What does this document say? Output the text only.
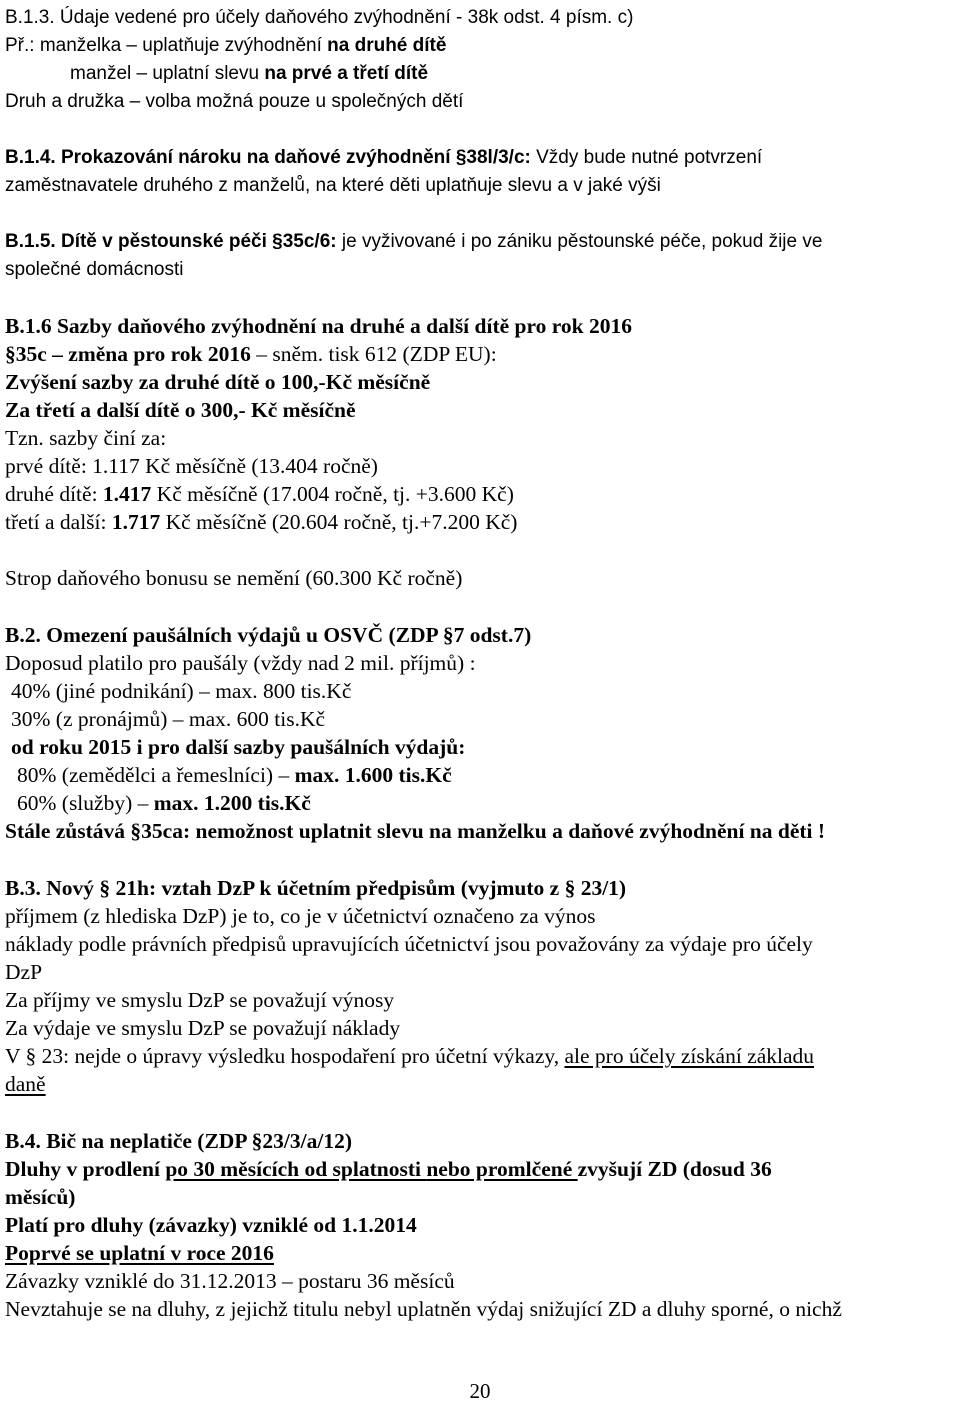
B.1.3. Údaje vedené pro účely daňového zvýhodnění - 38k odst. 4 písm. c)
Př.: manželka – uplatňuje zvýhodnění na druhé dítě
manžel – uplatní slevu na prvé a třetí dítě
Druh a družka – volba možná pouze u společných dětí
B.1.4. Prokazování nároku na daňové zvýhodnění §38l/3/c: Vždy bude nutné potvrzení
zaměstnavatele druhého z manželů, na které děti uplatňuje slevu a v jaké výši
B.1.5. Dítě v pěstounské péči §35c/6: je vyživované i po zániku pěstounské péče, pokud žije ve
společné domácnosti
B.1.6 Sazby daňového zvýhodnění na druhé a další dítě pro rok 2016
§35c – změna pro rok 2016 – sněm. tisk 612 (ZDP EU):
Zvýšení sazby za druhé dítě o 100,-Kč měsíčně
Za třetí a další dítě o 300,- Kč měsíčně
Tzn. sazby činí za:
prvé dítě: 1.117 Kč měsíčně (13.404 ročně)
druhé dítě: 1.417 Kč měsíčně (17.004 ročně, tj. +3.600 Kč)
třetí a další: 1.717 Kč měsíčně (20.604 ročně, tj.+7.200 Kč)
Strop daňového bonusu se nemění (60.300 Kč ročně)
B.2. Omezení paušálních výdajů u OSVČ (ZDP §7 odst.7)
Doposud platilo pro paušály (vždy nad 2 mil. příjmů) :
40% (jiné podnikání) – max. 800 tis.Kč
30% (z pronájmů) – max. 600 tis.Kč
od roku 2015 i pro další sazby paušálních výdajů:
80% (zemědělci a řemeslníci) – max. 1.600 tis.Kč
60% (služby) – max. 1.200 tis.Kč
Stále zůstává §35ca: nemožnost uplatnit slevu na manželku a daňové zvýhodnění na děti !
B.3. Nový § 21h: vztah DzP k účetním předpisům (vyjmuto z § 23/1)
příjmem (z hlediska DzP) je to, co je v účetnictví označeno za výnos
náklady podle právních předpisů upravujících účetnictví jsou považovány za výdaje pro účely
DzP
Za příjmy ve smyslu DzP se považují výnosy
Za výdaje ve smyslu DzP se považují náklady
V § 23: nejde o úpravy výsledku hospodaření pro účetní výkazy, ale pro účely získání základu
daně
B.4. Bič na neplatiče (ZDP §23/3/a/12)
Dluhy v prodlení po 30 měsících od splatnosti nebo promlčené zvyšují ZD (dosud 36
měsíců)
Platí pro dluhy (závazky) vzniklé od 1.1.2014
Poprvé se uplatní v roce 2016
Závazky vzniklé do 31.12.2013 – postaru 36 měsíců
Nevztahuje se na dluhy, z jejichž titulu nebyl uplatněn výdaj snižující ZD a dluhy sporné, o nichž
20
